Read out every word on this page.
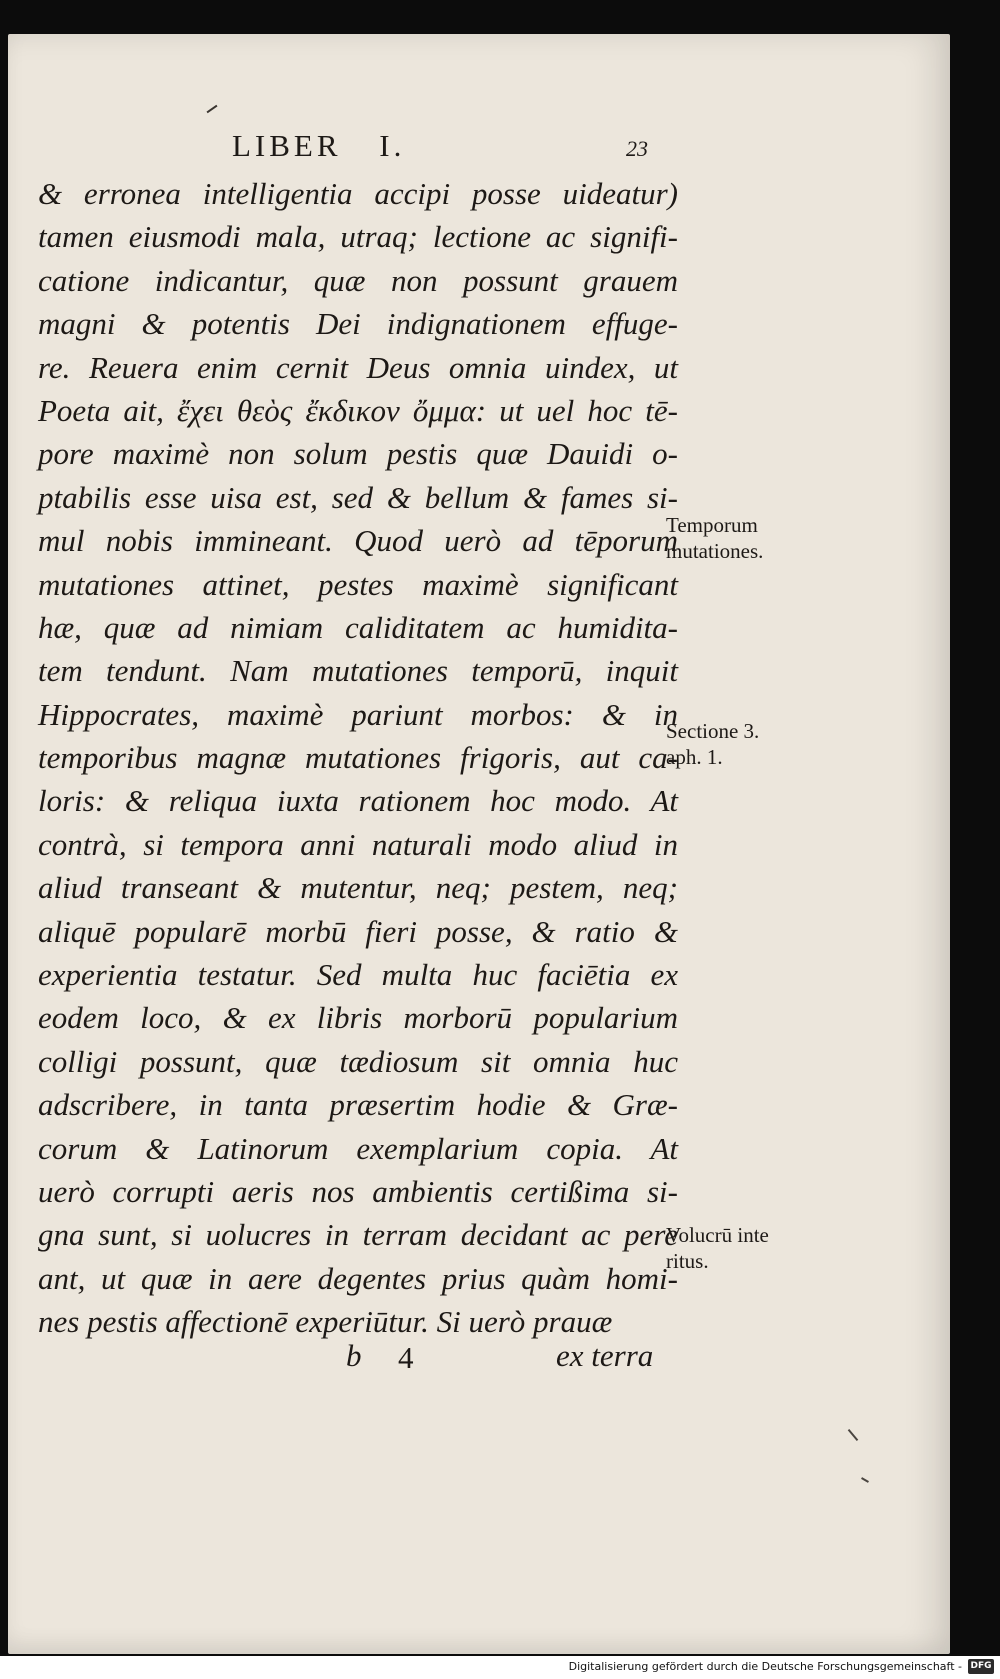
LIBER I.	23
& erronea intelligentia accipi posse uideatur)
tamen eiusmodi mala, utraq; lectione ac signifi-
catione indicantur, quæ non possunt grauem
magni & potentis Dei indignationem effuge-
re. Reuera enim cernit Deus omnia uindex, ut
Poeta ait, ἔχει θεὸς ἔκδικον ὄμμα: ut uel hoc tē-
pore maximè non solum pestis quæ Dauidi o-
ptabilis esse uisa est, sed & bellum & fames si-
mul nobis immineant. Quod uerò ad tēporum
mutationes attinet, pestes maximè significant
hæ, quæ ad nimiam caliditatem ac humidita-
tem tendunt. Nam mutationes temporū, inquit
Hippocrates, maximè pariunt morbos: & in
temporibus magnæ mutationes frigoris, aut ca-
loris: & reliqua iuxta rationem hoc modo. At
contrà, si tempora anni naturali modo aliud in
aliud transeant & mutentur, neq; pestem, neq;
aliquē popularē morbū fieri posse, & ratio &
experientia testatur. Sed multa huc faciētia ex
eodem loco, & ex libris morborū popularium
colligi possunt, quæ tædiosum sit omnia huc
adscribere, in tanta præsertim hodie & Græ-
corum & Latinorum exemplarium copia. At
uerò corrupti aeris nos ambientis certißima si-
gna sunt, si uolucres in terram decidant ac pere
ant, ut quæ in aere degentes prius quàm homi-
nes pestis affectionē experiūtur. Si uerò prauæ
Temporum
mutationes.
Sectione 3.
aph. 1.
Volucrū inte
ritus.
b 4	ex terra
Digitalisierung gefördert durch die Deutsche Forschungsgemeinschaft - DFG
